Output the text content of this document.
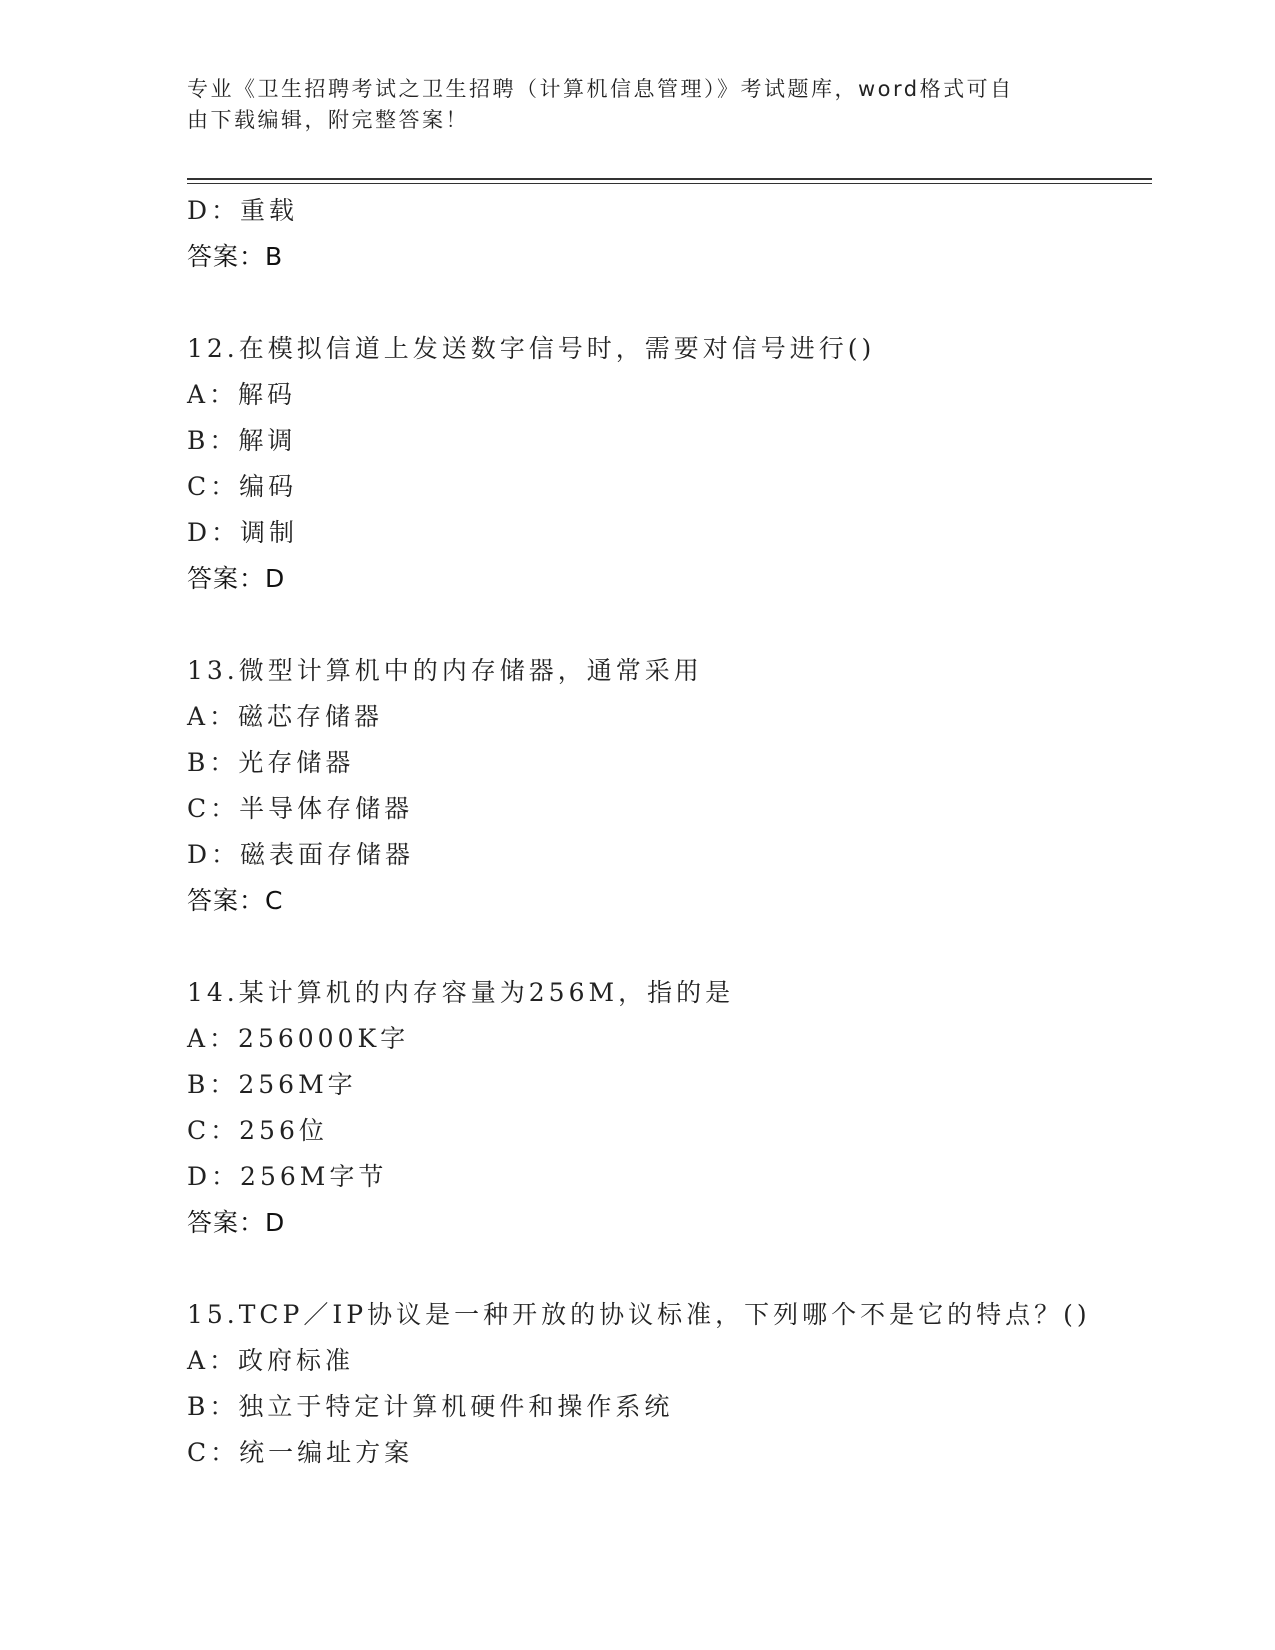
专业《卫生招聘考试之卫生招聘（计算机信息管理）》考试题库，word格式可自
由下载编辑，附完整答案！
D：重载
答案：B
12.在模拟信道上发送数字信号时，需要对信号进行()
A：解码
B：解调
C：编码
D：调制
答案：D
13.微型计算机中的内存储器，通常采用
A：磁芯存储器
B：光存储器
C：半导体存储器
D：磁表面存储器
答案：C
14.某计算机的内存容量为256M，指的是
A：256000K字
B：256M字
C：256位
D：256M字节
答案：D
15.TCP／IP协议是一种开放的协议标准，下列哪个不是它的特点？()
A：政府标准
B：独立于特定计算机硬件和操作系统
C：统一编址方案
